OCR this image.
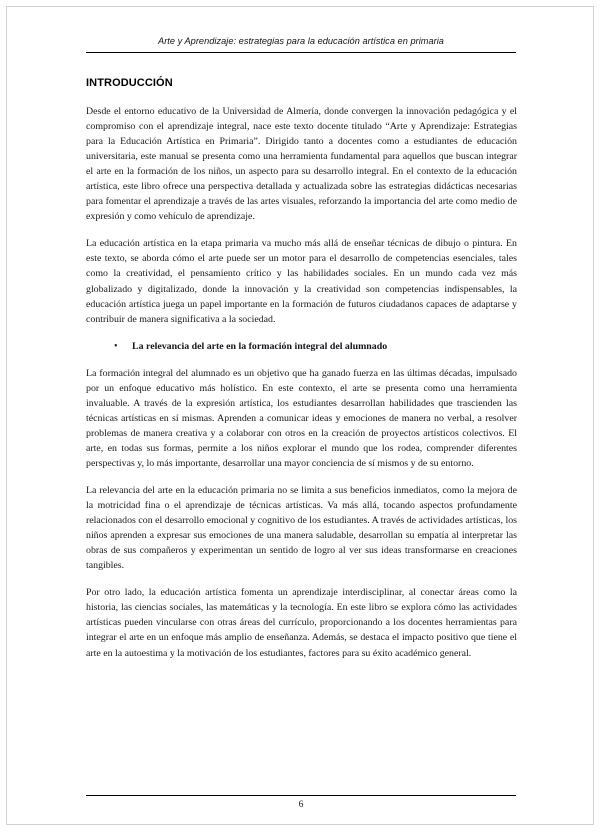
Arte y Aprendizaje: estrategias para la educación artística en primaria
INTRODUCCIÓN

Desde el entorno educativo de la Universidad de Almería, donde convergen la innovación pedagógica y el compromiso con el aprendizaje integral, nace este texto docente titulado “Arte y Aprendizaje: Estrategias para la Educación Artística en Primaria”. Dirigido tanto a docentes como a estudiantes de educación universitaria, este manual se presenta como una herramienta fundamental para aquellos que buscan integrar el arte en la formación de los niños, un aspecto para su desarrollo integral. En el contexto de la educación artística, este libro ofrece una perspectiva detallada y actualizada sobre las estrategias didácticas necesarias para fomentar el aprendizaje a través de las artes visuales, reforzando la importancia del arte como medio de expresión y como vehículo de aprendizaje.

La educación artística en la etapa primaria va mucho más allá de enseñar técnicas de dibujo o pintura. En este texto, se aborda cómo el arte puede ser un motor para el desarrollo de competencias esenciales, tales como la creatividad, el pensamiento crítico y las habilidades sociales. En un mundo cada vez más globalizado y digitalizado, donde la innovación y la creatividad son competencias indispensables, la educación artística juega un papel importante en la formación de futuros ciudadanos capaces de adaptarse y contribuir de manera significativa a la sociedad.

• La relevancia del arte en la formación integral del alumnado

La formación integral del alumnado es un objetivo que ha ganado fuerza en las últimas décadas, impulsado por un enfoque educativo más holístico. En este contexto, el arte se presenta como una herramienta invaluable. A través de la expresión artística, los estudiantes desarrollan habilidades que trascienden las técnicas artísticas en sí mismas. Aprenden a comunicar ideas y emociones de manera no verbal, a resolver problemas de manera creativa y a colaborar con otros en la creación de proyectos artísticos colectivos. El arte, en todas sus formas, permite a los niños explorar el mundo que los rodea, comprender diferentes perspectivas y, lo más importante, desarrollar una mayor conciencia de sí mismos y de su entorno.

La relevancia del arte en la educación primaria no se limita a sus beneficios inmediatos, como la mejora de la motricidad fina o el aprendizaje de técnicas artísticas. Va más allá, tocando aspectos profundamente relacionados con el desarrollo emocional y cognitivo de los estudiantes. A través de actividades artísticas, los niños aprenden a expresar sus emociones de una manera saludable, desarrollan su empatía al interpretar las obras de sus compañeros y experimentan un sentido de logro al ver sus ideas transformarse en creaciones tangibles.

Por otro lado, la educación artística fomenta un aprendizaje interdisciplinar, al conectar áreas como la historia, las ciencias sociales, las matemáticas y la tecnología. En este libro se explora cómo las actividades artísticas pueden vincularse con otras áreas del currículo, proporcionando a los docentes herramientas para integrar el arte en un enfoque más amplio de enseñanza. Además, se destaca el impacto positivo que tiene el arte en la autoestima y la motivación de los estudiantes, factores para su éxito académico general.

6
